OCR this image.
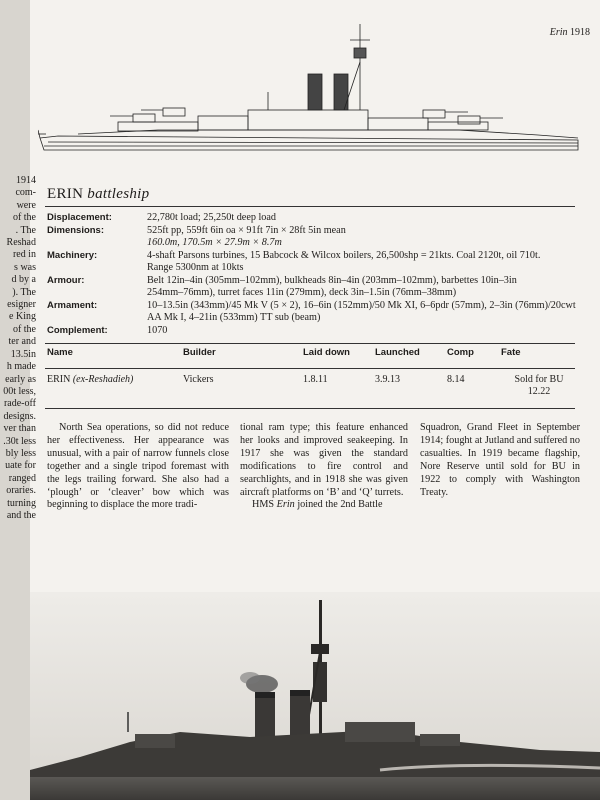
1914
com-
were
of the
. The
Reshad
red in
s was
d by a
). The
esigner
e King
of the
ter and
13.5in
h made
early as
00t less,
rade-off
designs.
ver than
.30t less
bly less
uate for
ranged
oraries.
turning
and the
Erin 1918
ERIN battleship
Displacement:	22,780t load; 25,250t deep load
Dimensions:	525ft pp, 559ft 6in oa × 91ft 7in × 28ft 5in mean
160.0m, 170.5m × 27.9m × 8.7m
Machinery:	4-shaft Parsons turbines, 15 Babcock & Wilcox boilers, 26,500shp = 21kts. Coal 2120t, oil 710t.
Range 5300nm at 10kts
Armour:	Belt 12in–4in (305mm–102mm), bulkheads 8in–4in (203mm–102mm), barbettes 10in–3in
254mm–76mm), turret faces 11in (279mm), deck 3in–1.5in (76mm–38mm)
Armament:	10–13.5in (343mm)/45 Mk V (5 × 2), 16–6in (152mm)/50 Mk XI, 6–6pdr (57mm), 2–3in (76mm)/20cwt
AA Mk I, 4–21in (533mm) TT sub (beam)
Complement:	1070
Name	Builder	Laid down	Launched	Comp	Fate
ERIN (ex-Reshadieh)	Vickers	1.8.11	3.9.13	8.14	Sold for BU
12.22

North Sea operations, so did not reduce her effectiveness. Her appearance was unusual, with a pair of narrow funnels close together and a single tripod foremast with the legs trailing forward. She also had a ‘plough’ or ‘cleaver’ bow which was beginning to displace the more tradi-

tional ram type; this feature enhanced her looks and improved seakeeping. In 1917 she was given the standard modifications to fire control and searchlights, and in 1918 she was given aircraft platforms on ‘B’ and ‘Q’ turrets.

HMS Erin joined the 2nd Battle

Squadron, Grand Fleet in September 1914; fought at Jutland and suffered no casualties. In 1919 became flagship, Nore Reserve until sold for BU in 1922 to comply with Washington Treaty.
